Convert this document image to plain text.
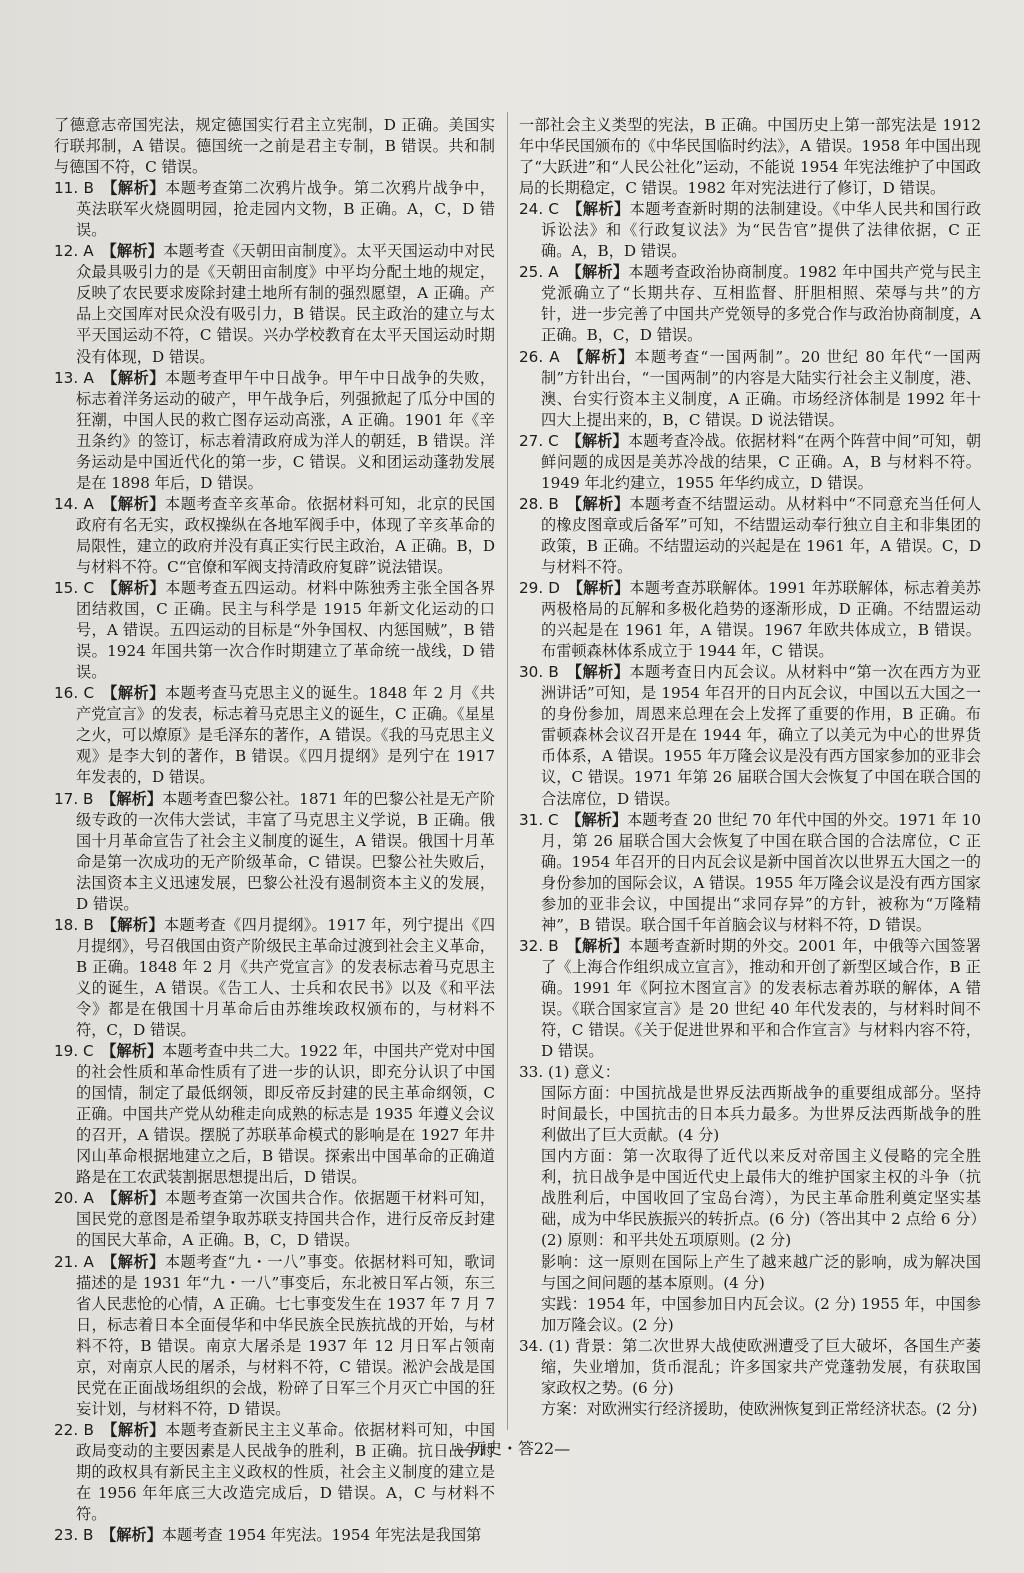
了德意志帝国宪法，规定德国实行君主立宪制，D 正确。美国实行联邦制，A 错误。德国统一之前是君主专制，B 错误。共和制与德国不符，C 错误。

11. B  【解析】本题考查第二次鸦片战争。第二次鸦片战争中，英法联军火烧圆明园，抢走园内文物，B 正确。A，C，D 错误。

12. A  【解析】本题考查《天朝田亩制度》。太平天国运动中对民众最具吸引力的是《天朝田亩制度》中平均分配土地的规定，反映了农民要求废除封建土地所有制的强烈愿望，A 正确。产品上交国库对民众没有吸引力，B 错误。民主政治的建立与太平天国运动不符，C 错误。兴办学校教育在太平天国运动时期没有体现，D 错误。

13. A  【解析】本题考查甲午中日战争。甲午中日战争的失败，标志着洋务运动的破产，甲午战争后，列强掀起了瓜分中国的狂潮，中国人民的救亡图存运动高涨，A 正确。1901 年《辛丑条约》的签订，标志着清政府成为洋人的朝廷，B 错误。洋务运动是中国近代化的第一步，C 错误。义和团运动蓬勃发展是在 1898 年后，D 错误。

14. A  【解析】本题考查辛亥革命。依据材料可知，北京的民国政府有名无实，政权操纵在各地军阀手中，体现了辛亥革命的局限性，建立的政府并没有真正实行民主政治，A 正确。B，D 与材料不符。C“官僚和军阀支持清政府复辟”说法错误。

15. C  【解析】本题考查五四运动。材料中陈独秀主张全国各界团结救国，C 正确。民主与科学是 1915 年新文化运动的口号，A 错误。五四运动的目标是“外争国权、内惩国贼”，B 错误。1924 年国共第一次合作时期建立了革命统一战线，D 错误。

16. C  【解析】本题考查马克思主义的诞生。1848 年 2 月《共产党宣言》的发表，标志着马克思主义的诞生，C 正确。《星星之火，可以燎原》是毛泽东的著作，A 错误。《我的马克思主义观》是李大钊的著作，B 错误。《四月提纲》是列宁在 1917 年发表的，D 错误。

17. B  【解析】本题考查巴黎公社。1871 年的巴黎公社是无产阶级专政的一次伟大尝试，丰富了马克思主义学说，B 正确。俄国十月革命宣告了社会主义制度的诞生，A 错误。俄国十月革命是第一次成功的无产阶级革命，C 错误。巴黎公社失败后，法国资本主义迅速发展，巴黎公社没有遏制资本主义的发展，D 错误。

18. B  【解析】本题考查《四月提纲》。1917 年，列宁提出《四月提纲》，号召俄国由资产阶级民主革命过渡到社会主义革命，B 正确。1848 年 2 月《共产党宣言》的发表标志着马克思主义的诞生，A 错误。《告工人、士兵和农民书》以及《和平法令》都是在俄国十月革命后由苏维埃政权颁布的，与材料不符，C，D 错误。

19. C  【解析】本题考查中共二大。1922 年，中国共产党对中国的社会性质和革命性质有了进一步的认识，即充分认识了中国的国情，制定了最低纲领，即反帝反封建的民主革命纲领，C 正确。中国共产党从幼稚走向成熟的标志是 1935 年遵义会议的召开，A 错误。摆脱了苏联革命模式的影响是在 1927 年井冈山革命根据地建立之后，B 错误。探索出中国革命的正确道路是在工农武装割据思想提出后，D 错误。

20. A  【解析】本题考查第一次国共合作。依据题干材料可知，国民党的意图是希望争取苏联支持国共合作，进行反帝反封建的国民大革命，A 正确。B，C，D 错误。

21. A  【解析】本题考查“九・一八”事变。依据材料可知，歌词描述的是 1931 年“九・一八”事变后，东北被日军占领，东三省人民悲怆的心情，A 正确。七七事变发生在 1937 年 7 月 7 日，标志着日本全面侵华和中华民族全民族抗战的开始，与材料不符，B 错误。南京大屠杀是 1937 年 12 月日军占领南京，对南京人民的屠杀，与材料不符，C 错误。淞沪会战是国民党在正面战场组织的会战，粉碎了日军三个月灭亡中国的狂妄计划，与材料不符，D 错误。

22. B  【解析】本题考查新民主主义革命。依据材料可知，中国政局变动的主要因素是人民战争的胜利，B 正确。抗日战争时期的政权具有新民主主义政权的性质，社会主义制度的建立是在 1956 年年底三大改造完成后，D 错误。A，C 与材料不符。

23. B  【解析】本题考查 1954 年宪法。1954 年宪法是我国第

一部社会主义类型的宪法，B 正确。中国历史上第一部宪法是 1912 年中华民国颁布的《中华民国临时约法》，A 错误。1958 年中国出现了“大跃进”和“人民公社化”运动，不能说 1954 年宪法维护了中国政局的长期稳定，C 错误。1982 年对宪法进行了修订，D 错误。

24. C  【解析】本题考查新时期的法制建设。《中华人民共和国行政诉讼法》和《行政复议法》为“民告官”提供了法律依据，C 正确。A，B，D 错误。

25. A  【解析】本题考查政治协商制度。1982 年中国共产党与民主党派确立了“长期共存、互相监督、肝胆相照、荣辱与共”的方针，进一步完善了中国共产党领导的多党合作与政治协商制度，A 正确。B，C，D 错误。

26. A  【解析】本题考查“一国两制”。20 世纪 80 年代“一国两制”方针出台，“一国两制”的内容是大陆实行社会主义制度，港、澳、台实行资本主义制度，A 正确。市场经济体制是 1992 年十四大上提出来的，B，C 错误。D 说法错误。

27. C  【解析】本题考查冷战。依据材料“在两个阵营中间”可知，朝鲜问题的成因是美苏冷战的结果，C 正确。A，B 与材料不符。1949 年北约建立，1955 年华约成立，D 错误。

28. B  【解析】本题考查不结盟运动。从材料中“不同意充当任何人的橡皮图章或后备军”可知，不结盟运动奉行独立自主和非集团的政策，B 正确。不结盟运动的兴起是在 1961 年，A 错误。C，D 与材料不符。

29. D  【解析】本题考查苏联解体。1991 年苏联解体，标志着美苏两极格局的瓦解和多极化趋势的逐渐形成，D 正确。不结盟运动的兴起是在 1961 年，A 错误。1967 年欧共体成立，B 错误。布雷顿森林体系成立于 1944 年，C 错误。

30. B  【解析】本题考查日内瓦会议。从材料中“第一次在西方为亚洲讲话”可知，是 1954 年召开的日内瓦会议，中国以五大国之一的身份参加，周恩来总理在会上发挥了重要的作用，B 正确。布雷顿森林会议召开是在 1944 年，确立了以美元为中心的世界货币体系，A 错误。1955 年万隆会议是没有西方国家参加的亚非会议，C 错误。1971 年第 26 届联合国大会恢复了中国在联合国的合法席位，D 错误。

31. C  【解析】本题考查 20 世纪 70 年代中国的外交。1971 年 10 月，第 26 届联合国大会恢复了中国在联合国的合法席位，C 正确。1954 年召开的日内瓦会议是新中国首次以世界五大国之一的身份参加的国际会议，A 错误。1955 年万隆会议是没有西方国家参加的亚非会议，中国提出“求同存异”的方针，被称为“万隆精神”，B 错误。联合国千年首脑会议与材料不符，D 错误。

32. B  【解析】本题考查新时期的外交。2001 年，中俄等六国签署了《上海合作组织成立宣言》，推动和开创了新型区域合作，B 正确。1991 年《阿拉木图宣言》的发表标志着苏联的解体，A 错误。《联合国家宣言》是 20 世纪 40 年代发表的，与材料时间不符，C 错误。《关于促进世界和平和合作宣言》与材料内容不符，D 错误。

33. (1) 意义：

国际方面：中国抗战是世界反法西斯战争的重要组成部分。坚持时间最长，中国抗击的日本兵力最多。为世界反法西斯战争的胜利做出了巨大贡献。(4 分)

国内方面：第一次取得了近代以来反对帝国主义侵略的完全胜利，抗日战争是中国近代史上最伟大的维护国家主权的斗争（抗战胜利后，中国收回了宝岛台湾），为民主革命胜利奠定坚实基础，成为中华民族振兴的转折点。(6 分)（答出其中 2 点给 6 分）

(2) 原则：和平共处五项原则。(2 分)

影响：这一原则在国际上产生了越来越广泛的影响，成为解决国与国之间问题的基本原则。(4 分)

实践：1954 年，中国参加日内瓦会议。(2 分) 1955 年，中国参加万隆会议。(2 分)

34. (1) 背景：第二次世界大战使欧洲遭受了巨大破坏，各国生产萎缩，失业增加，货币混乱；许多国家共产党蓬勃发展，有获取国家政权之势。(6 分)

方案：对欧洲实行经济援助，使欧洲恢复到正常经济状态。(2 分)

—历史・答22—
